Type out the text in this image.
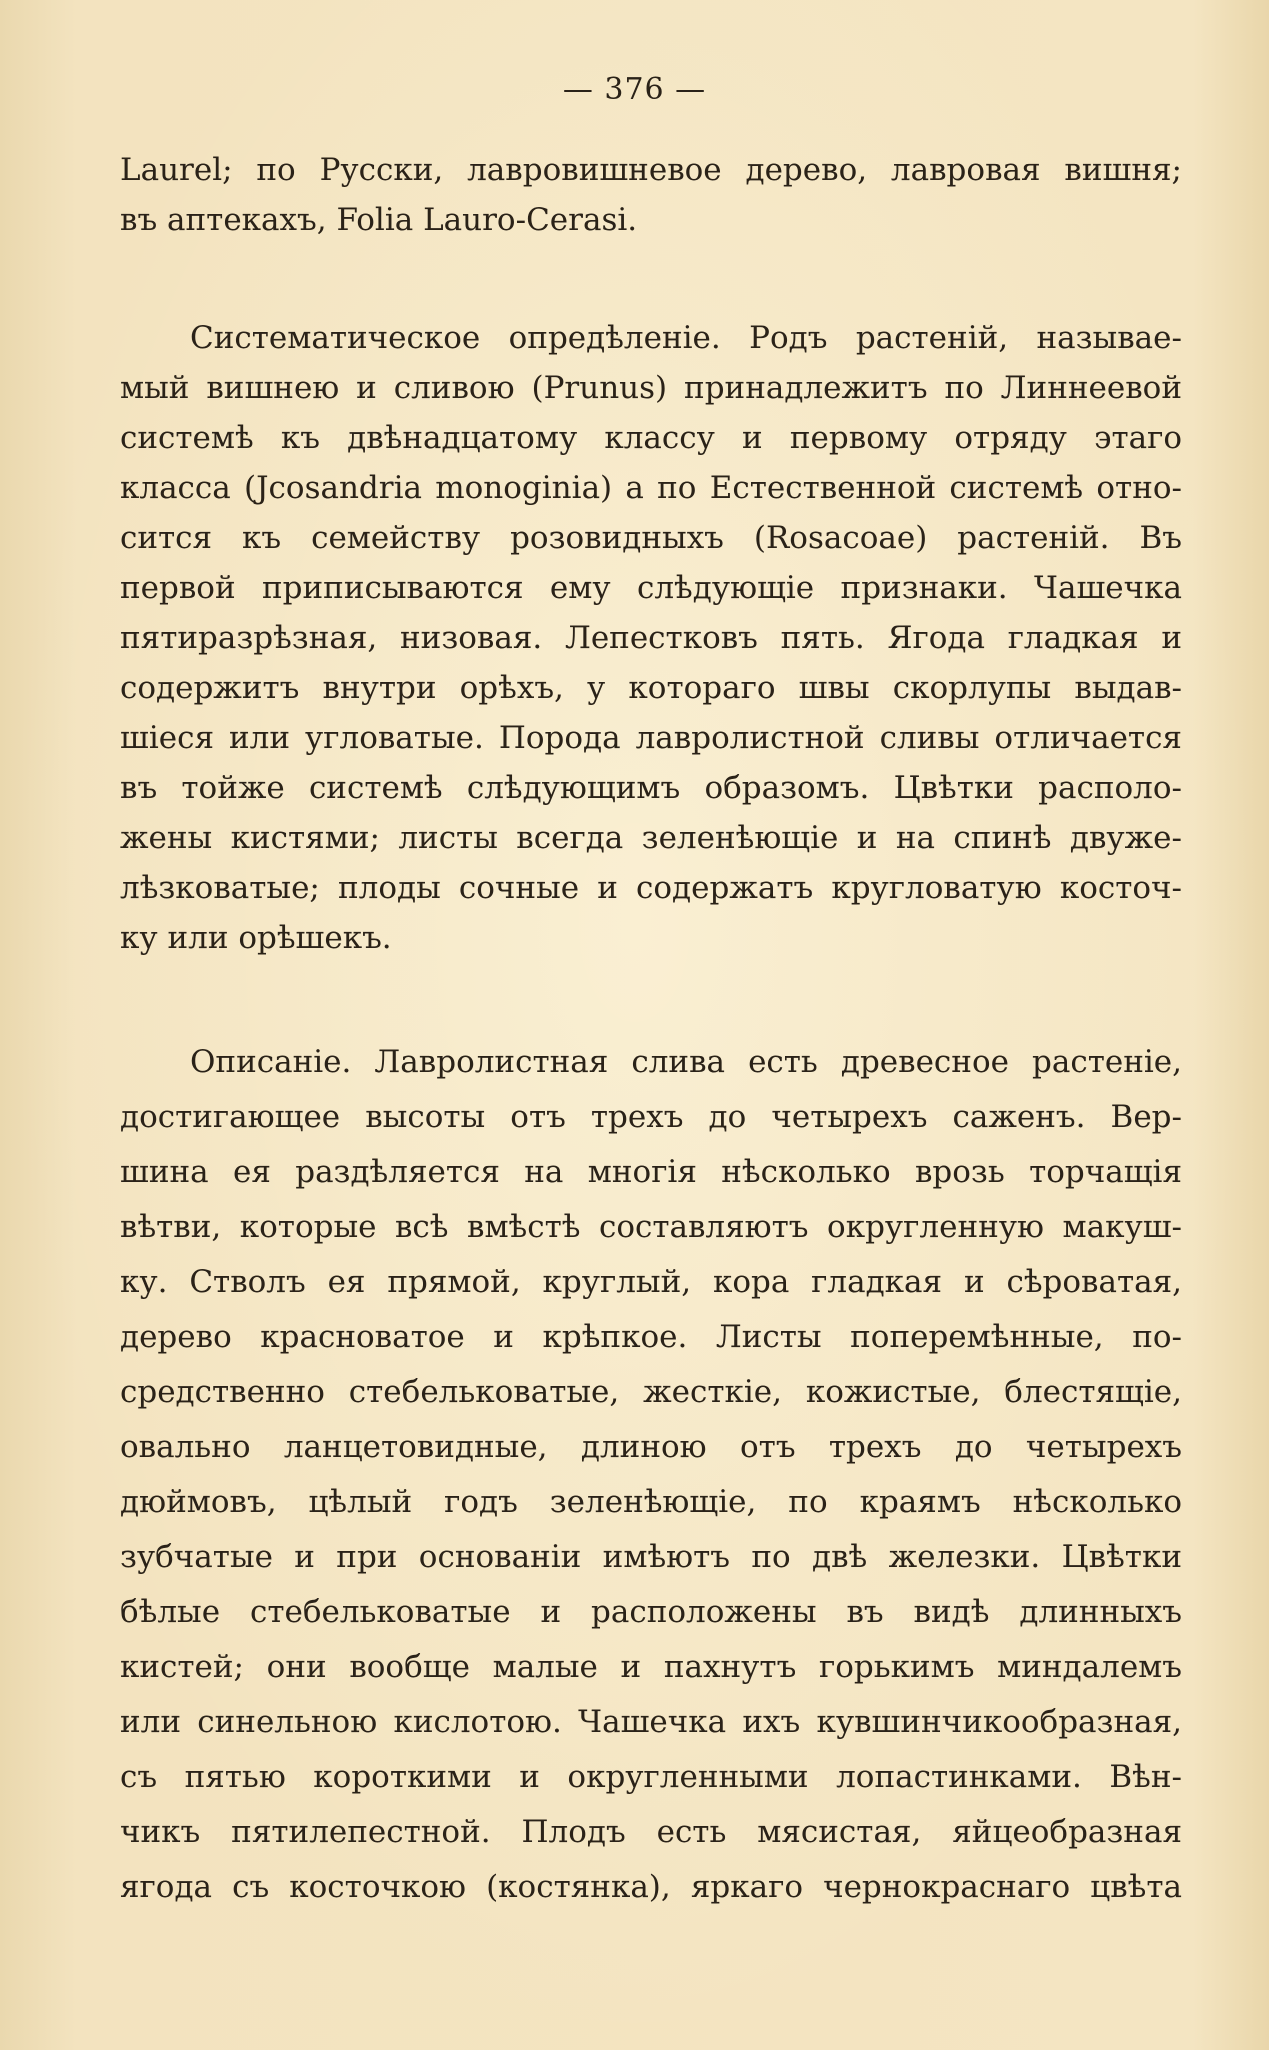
— 376 —
Laurel; по Русски, лавровишневое дерево, лавровая вишня;
въ аптекахъ, Folia Lauro-Cerasi.
Систематическое опредѣленіе. Родъ растеній, называе-
мый вишнею и сливою (Prunus) принадлежитъ по Линнеевой
системѣ къ двѣнадцатому классу и первому отряду этаго
класса (Jcosandria monoginia) а по Естественной системѣ отно-
сится къ семейству розовидныхъ (Rosacoae) растеній. Въ
первой приписываются ему слѣдующіе признаки. Чашечка
пятиразрѣзная, низовая. Лепестковъ пять. Ягода гладкая и
содержитъ внутри орѣхъ, у котораго швы скорлупы выдав-
шіеся или угловатые. Порода лавролистной сливы отличается
въ тойже системѣ слѣдующимъ образомъ. Цвѣтки располо-
жены кистями; листы всегда зеленѣющіе и на спинѣ двуже-
лѣзковатые; плоды сочные и содержатъ кругловатую косточ-
ку или орѣшекъ.
Описаніе. Лавролистная слива есть древесное растеніе,
достигающее высоты отъ трехъ до четырехъ саженъ. Вер-
шина ея раздѣляется на многія нѣсколько врозь торчащія
вѣтви, которые всѣ вмѣстѣ составляютъ округленную макуш-
ку. Стволъ ея прямой, круглый, кора гладкая и сѣроватая,
дерево красноватое и крѣпкое. Листы поперемѣнные, по-
средственно стебельковатые, жесткіе, кожистые, блестящіе,
овально ланцетовидные, длиною отъ трехъ до четырехъ
дюймовъ, цѣлый годъ зеленѣющіе, по краямъ нѣсколько
зубчатые и при основаніи имѣютъ по двѣ железки. Цвѣтки
бѣлые стебельковатые и расположены въ видѣ длинныхъ
кистей; они вообще малые и пахнутъ горькимъ миндалемъ
или синельною кислотою. Чашечка ихъ кувшинчикообразная,
съ пятью короткими и округленными лопастинками. Вѣн-
чикъ пятилепестной. Плодъ есть мясистая, яйцеобразная
ягода съ косточкою (костянка), яркаго чернокраснаго цвѣта
